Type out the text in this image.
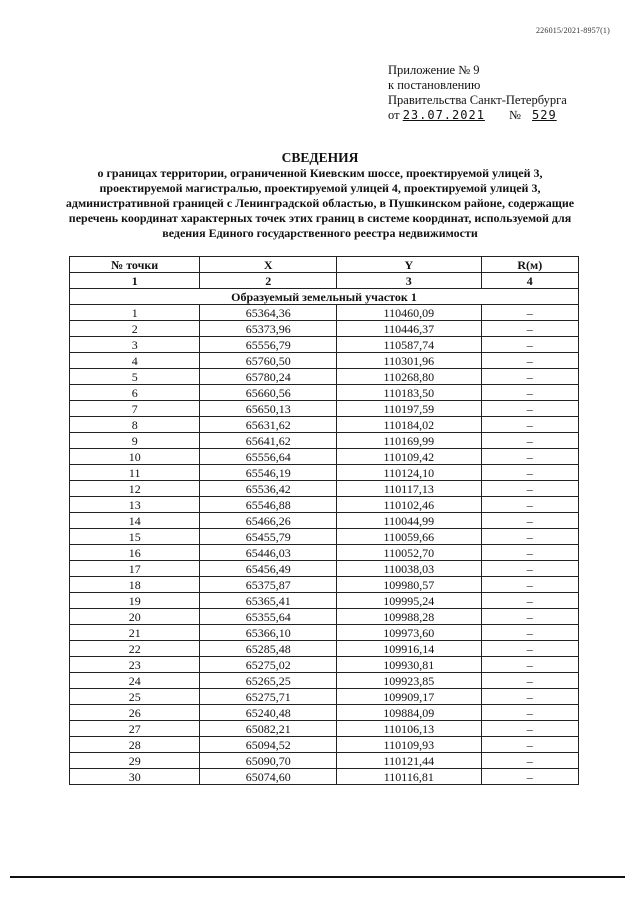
226015/2021-8957(1)
Приложение № 9
к постановлению
Правительства Санкт-Петербурга
от 23.07.2021 № 529
СВЕДЕНИЯ
о границах территории, ограниченной Киевским шоссе, проектируемой улицей 3, проектируемой магистралью, проектируемой улицей 4, проектируемой улицей 3, административной границей с Ленинградской областью, в Пушкинском районе, содержащие перечень координат характерных точек этих границ в системе координат, используемой для ведения Единого государственного реестра недвижимости
№ точки	X	Y	R(м)
1	2	3	4
Образуемый земельный участок 1			
1	65364,36	110460,09	–
2	65373,96	110446,37	–
3	65556,79	110587,74	–
4	65760,50	110301,96	–
5	65780,24	110268,80	–
6	65660,56	110183,50	–
7	65650,13	110197,59	–
8	65631,62	110184,02	–
9	65641,62	110169,99	–
10	65556,64	110109,42	–
11	65546,19	110124,10	–
12	65536,42	110117,13	–
13	65546,88	110102,46	–
14	65466,26	110044,99	–
15	65455,79	110059,66	–
16	65446,03	110052,70	–
17	65456,49	110038,03	–
18	65375,87	109980,57	–
19	65365,41	109995,24	–
20	65355,64	109988,28	–
21	65366,10	109973,60	–
22	65285,48	109916,14	–
23	65275,02	109930,81	–
24	65265,25	109923,85	–
25	65275,71	109909,17	–
26	65240,48	109884,09	–
27	65082,21	110106,13	–
28	65094,52	110109,93	–
29	65090,70	110121,44	–
30	65074,60	110116,81	–
